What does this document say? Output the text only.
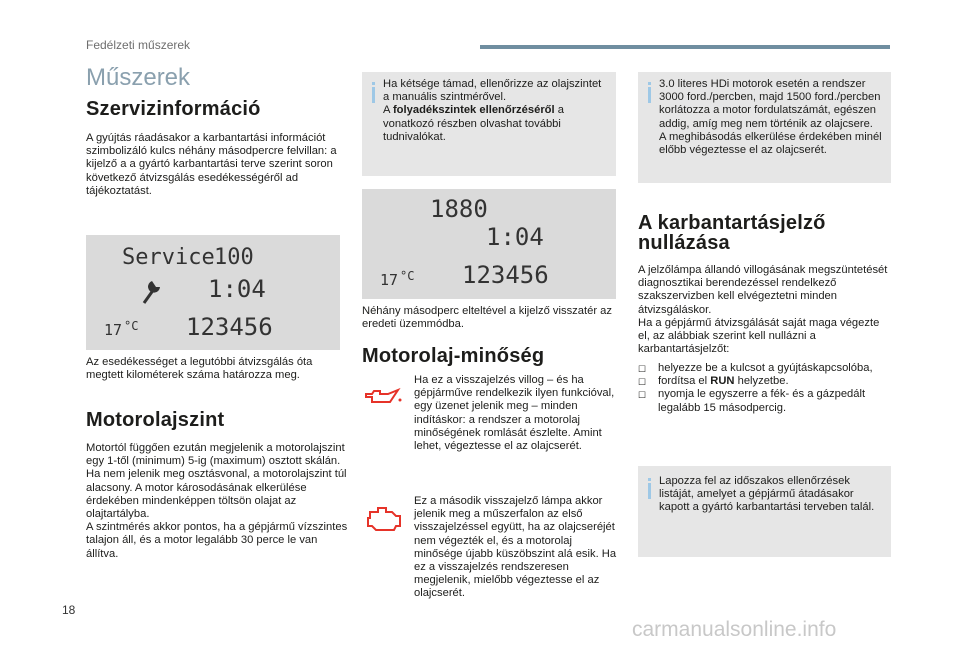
Fedélzeti műszerek
Műszerek
Szervizinformáció
A gyújtás ráadásakor a karbantartási információt szimbolizáló kulcs néhány másodpercre felvillan: a kijelző a a gyártó karbantartási terve szerint soron következő átvizsgálás esedékességéről ad tájékoztatást.
Service 100
1:04
17 °C 123456
Az esedékességet a legutóbbi átvizsgálás óta megtett kilométerek száma határozza meg.
Motorolajszint
Motortól függően ezután megjelenik a motorolajszint egy 1-től (minimum) 5-ig (maximum) osztott skálán. Ha nem jelenik meg osztásvonal, a motorolajszint túl alacsony. A motor károsodásának elkerülése érdekében mindenképpen töltsön olajat az olajtartályba.
A szintmérés akkor pontos, ha a gépjármű vízszintes talajon áll, és a motor legalább 30 perce le van állítva.
Ha kétsége támad, ellenőrizze az olajszintet a manuális szintmérővel.
A folyadékszintek ellenőrzéséről a vonatkozó részben olvashat további tudnivalókat.
1880
1:04
17 °C 123456
Néhány másodperc elteltével a kijelző visszatér az eredeti üzemmódba.
Motorolaj-minőség
Ha ez a visszajelzés villog – és ha gépjárműve rendelkezik ilyen funkcióval, egy üzenet jelenik meg – minden indításkor: a rendszer a motorolaj minőségének romlását észlelte. Amint lehet, végeztesse el az olajcserét.
Ez a második visszajelző lámpa akkor jelenik meg a műszerfalon az első visszajelzéssel együtt, ha az olajcseréjét nem végezték el, és a motorolaj minősége újabb küszöbszint alá esik. Ha ez a visszajelzés rendszeresen megjelenik, mielőbb végeztesse el az olajcserét.
3.0 literes HDi motorok esetén a rendszer 3000 ford./percben, majd 1500 ford./percben korlátozza a motor fordulatszámát, egészen addig, amíg meg nem történik az olajcsere.
A meghibásodás elkerülése érdekében minél előbb végeztesse el az olajcserét.
A karbantartásjelző
nullázása
A jelzőlámpa állandó villogásának megszüntetését diagnosztikai berendezéssel rendelkező szakszervizben kell elvégeztetni minden átvizsgáláskor.
Ha a gépjármű átvizsgálását saját maga végezte el, az alábbiak szerint kell nullázni a karbantartásjelzőt:
☐ helyezze be a kulcsot a gyújtáskapcsolóba,
☐ fordítsa el RUN helyzetbe.
☐ nyomja le egyszerre a fék- és a gázpedált legalább 15 másodpercig.
Lapozza fel az időszakos ellenőrzések listáját, amelyet a gépjármű átadásakor kapott a gyártó karbantartási terveben talál.
18
carmanualsonline.info
